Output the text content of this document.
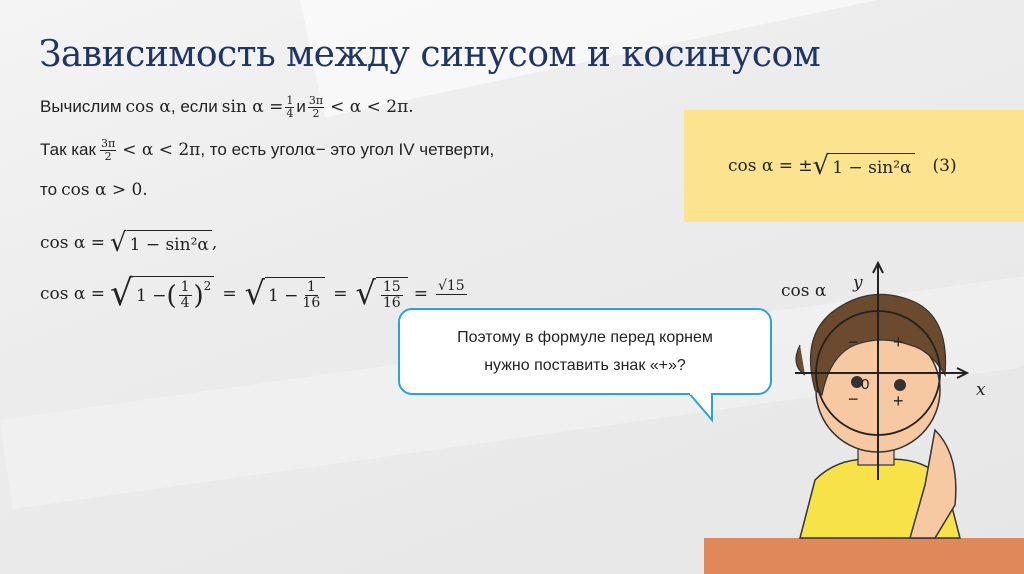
Зависимость между синусом и косинусом
Вычислим cos α , если $\sin \alpha = \frac{1}{4}$ и $\frac{3\pi}{2} < \alpha < 2\pi$.
Так как $\frac{3\pi}{2} < \alpha < 2\pi$ , то есть угол α − это угол IV четверти,
то cos α > 0.
cos α = √ 1 − sin²α ,
cos α = √ 1 − ( $\frac{1}{4} )^2$ = √ $1 - \frac{1}{16}$ = √ $\frac{15}{16} = √15$
cos α = ± √ 1 − sin²α (3)
Поэтому в формуле перед корнем
нужно поставить знак «+»?
cos α y
x
0
− +
− +
